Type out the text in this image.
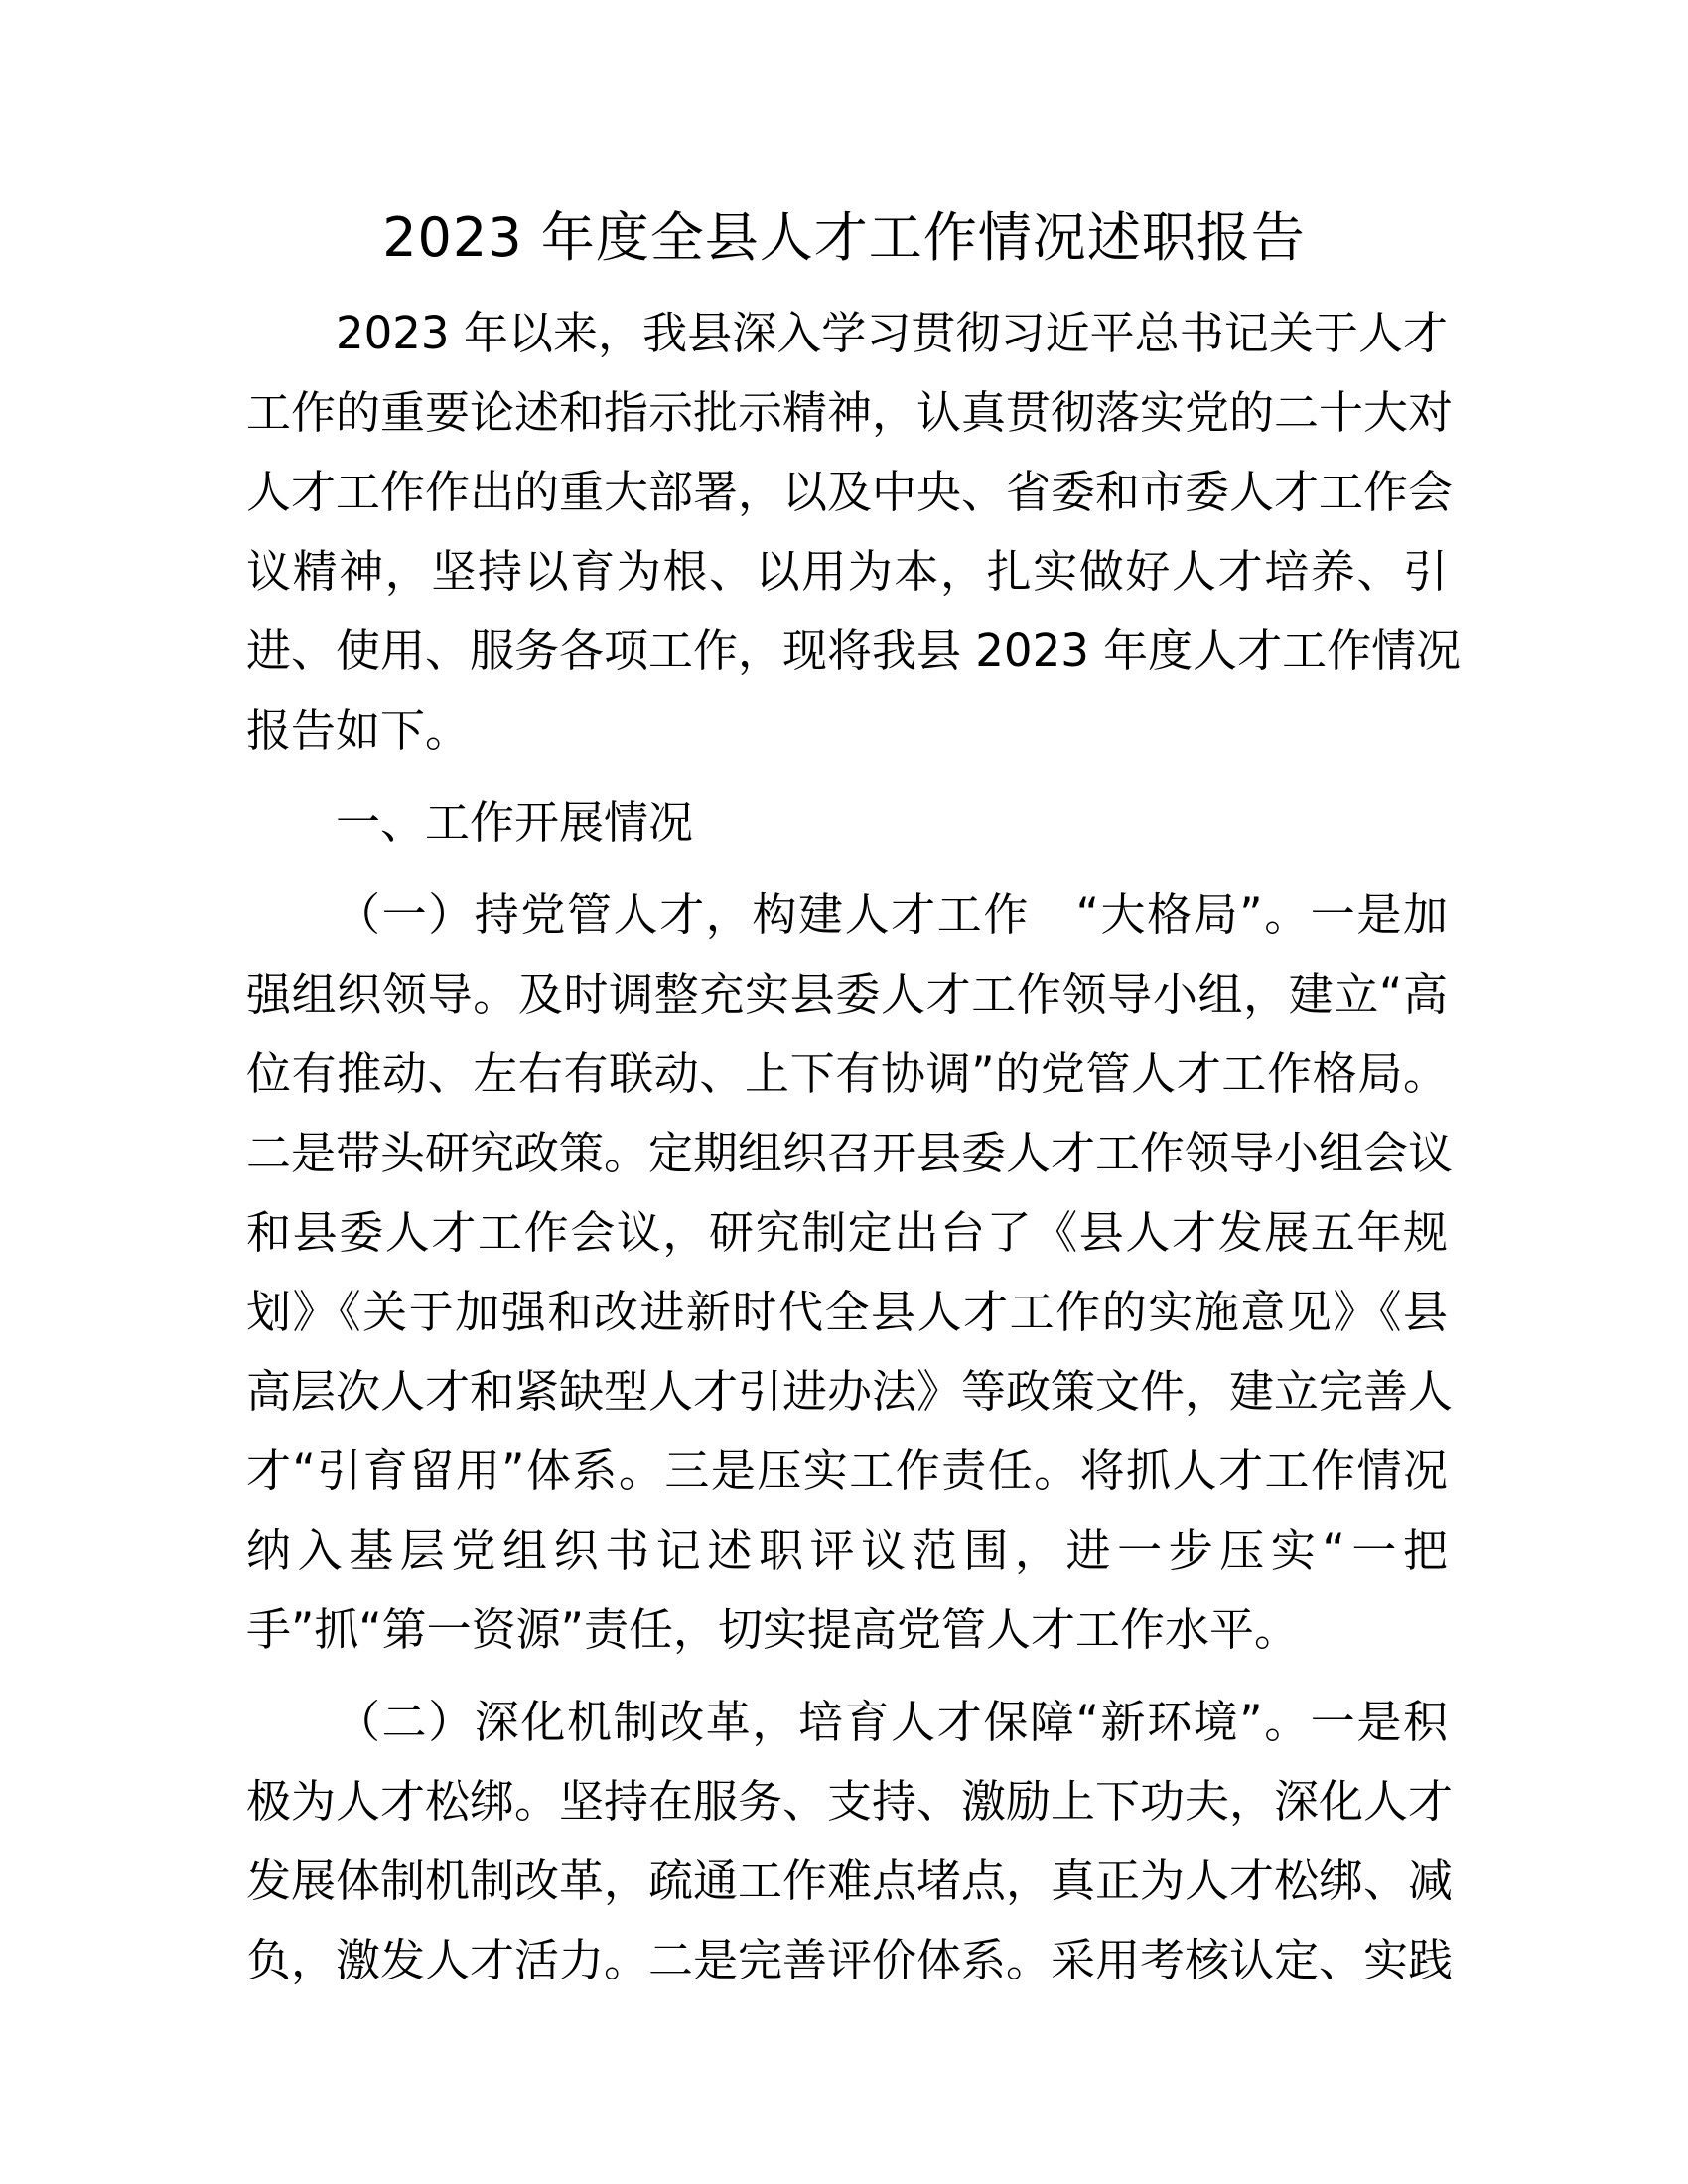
2023 年度全县人才工作情况述职报告
2023 年以来，我县深入学习贯彻习近平总书记关于人才
工作的重要论述和指示批示精神，认真贯彻落实党的二十大对
人才工作作出的重大部署，以及中央、省委和市委人才工作会
议精神，坚持以育为根、以用为本，扎实做好人才培养、引
进、使用、服务各项工作，现将我县 2023 年度人才工作情况
报告如下。
一、工作开展情况
（一）持党管人才，构建人才工作　“大格局”。一是加
强组织领导。及时调整充实县委人才工作领导小组，建立“高
位有推动、左右有联动、上下有协调”的党管人才工作格局。
二是带头研究政策。定期组织召开县委人才工作领导小组会议
和县委人才工作会议，研究制定出台了《县人才发展五年规
划》《关于加强和改进新时代全县人才工作的实施意见》《县
高层次人才和紧缺型人才引进办法》等政策文件，建立完善人
才“引育留用”体系。三是压实工作责任。将抓人才工作情况
纳入基层党组织书记述职评议范围，进一步压实“一把
手”抓“第一资源”责任，切实提高党管人才工作水平。
（二）深化机制改革，培育人才保障“新环境”。一是积
极为人才松绑。坚持在服务、支持、激励上下功夫，深化人才
发展体制机制改革，疏通工作难点堵点，真正为人才松绑、减
负，激发人才活力。二是完善评价体系。采用考核认定、实践
